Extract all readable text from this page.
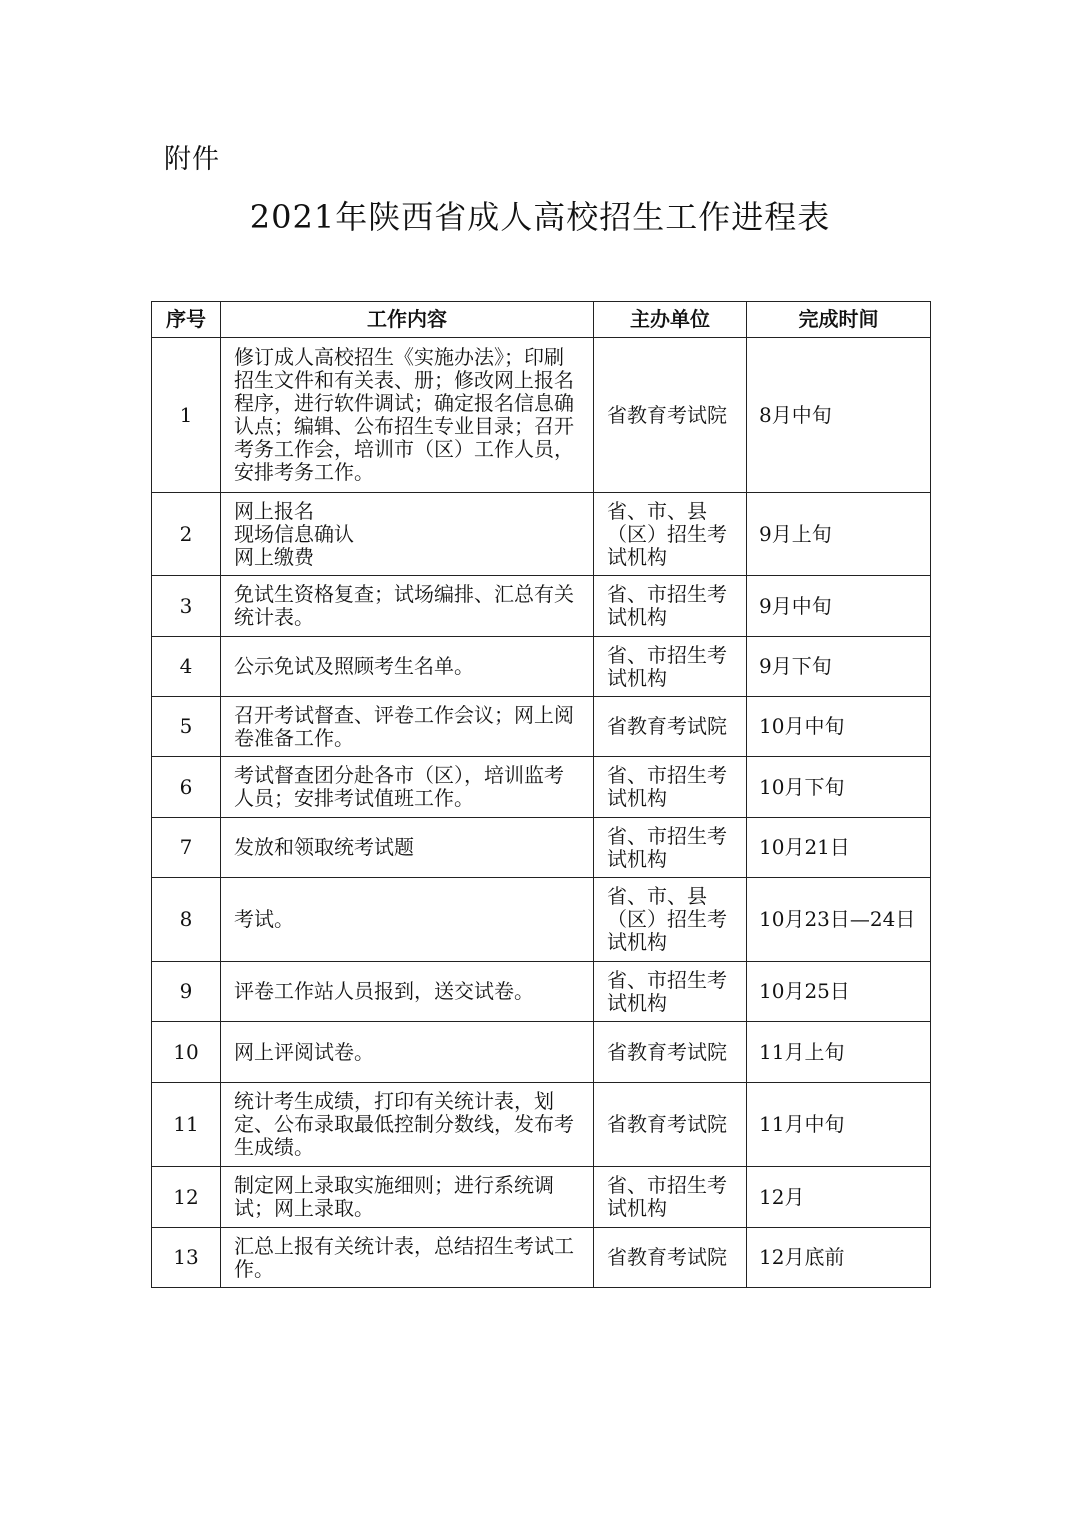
附件
2021年陕西省成人高校招生工作进程表
序号	工作内容	主办单位	完成时间
1	修订成人高校招生《实施办法》；印刷招生文件和有关表、册；修改网上报名程序，进行软件调试；确定报名信息确认点；编辑、公布招生专业目录；召开考务工作会，培训市（区）工作人员，安排考务工作。	省教育考试院	8月中旬
2	网上报名
现场信息确认
网上缴费	省、市、县（区）招生考试机构	9月上旬
3	免试生资格复查；试场编排、汇总有关统计表。	省、市招生考试机构	9月中旬
4	公示免试及照顾考生名单。	省、市招生考试机构	9月下旬
5	召开考试督查、评卷工作会议；网上阅卷准备工作。	省教育考试院	10月中旬
6	考试督查团分赴各市（区），培训监考人员；安排考试值班工作。	省、市招生考试机构	10月下旬
7	发放和领取统考试题	省、市招生考试机构	10月21日
8	考试。	省、市、县（区）招生考试机构	10月23日—24日
9	评卷工作站人员报到，送交试卷。	省、市招生考试机构	10月25日
10	网上评阅试卷。	省教育考试院	11月上旬
11	统计考生成绩，打印有关统计表，划定、公布录取最低控制分数线，发布考生成绩。	省教育考试院	11月中旬
12	制定网上录取实施细则；进行系统调试；网上录取。	省、市招生考试机构	12月
13	汇总上报有关统计表，总结招生考试工作。	省教育考试院	12月底前
